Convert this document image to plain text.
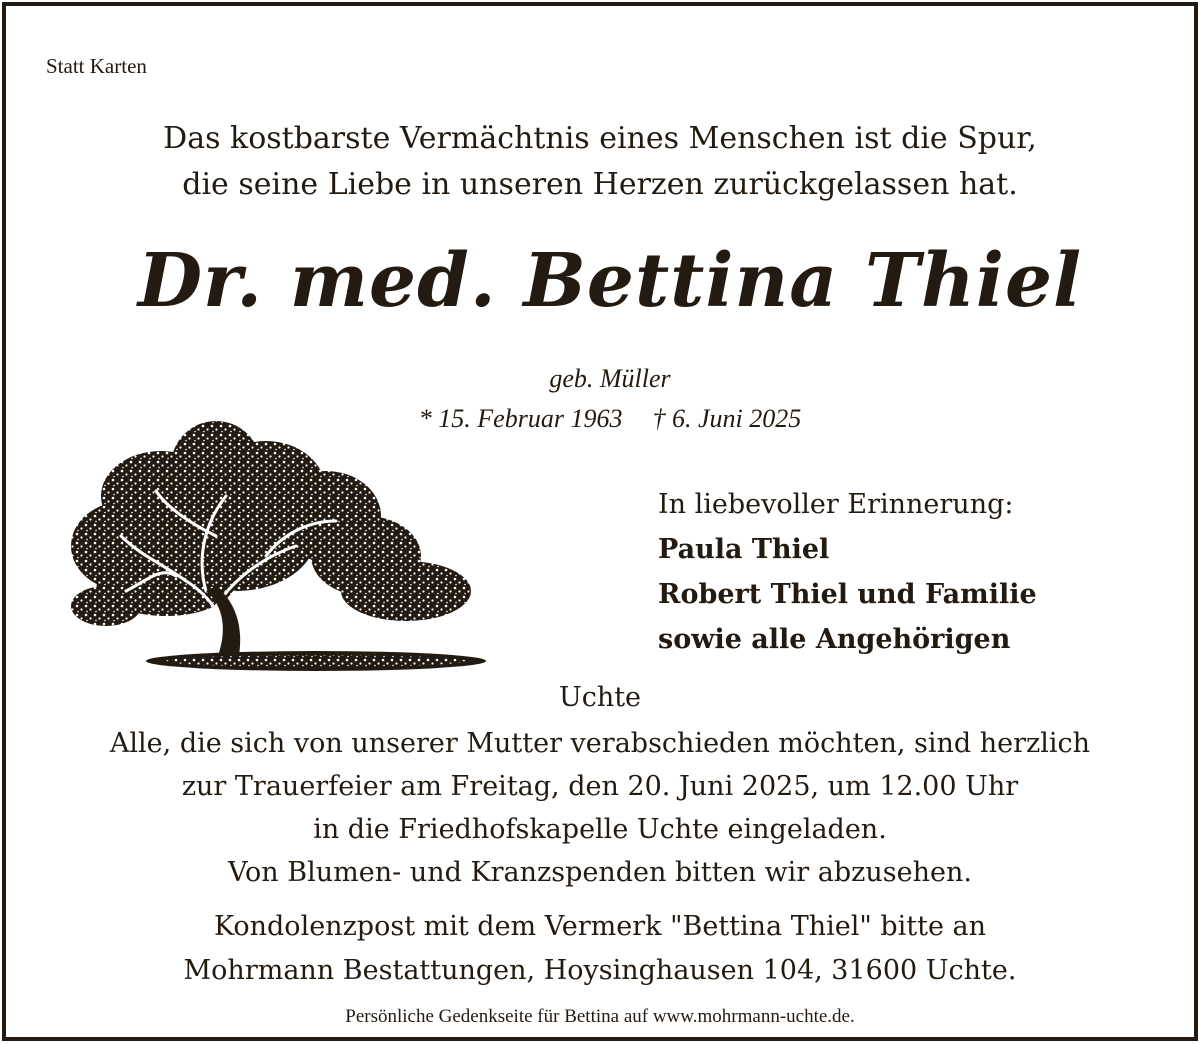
Statt Karten
Das kostbarste Vermächtnis eines Menschen ist die Spur,
die seine Liebe in unseren Herzen zurückgelassen hat.
Dr. med. Bettina Thiel
geb. Müller
* 15. Februar 1963 † 6. Juni 2025
In liebevoller Erinnerung:
Paula Thiel
Robert Thiel und Familie
sowie alle Angehörigen
Uchte
Alle, die sich von unserer Mutter verabschieden möchten, sind herzlich
zur Trauerfeier am Freitag, den 20. Juni 2025, um 12.00 Uhr
in die Friedhofskapelle Uchte eingeladen.
Von Blumen- und Kranzspenden bitten wir abzusehen.
Kondolenzpost mit dem Vermerk "Bettina Thiel" bitte an
Mohrmann Bestattungen, Hoysinghausen 104, 31600 Uchte.
Persönliche Gedenkseite für Bettina auf www.mohrmann-uchte.de.
